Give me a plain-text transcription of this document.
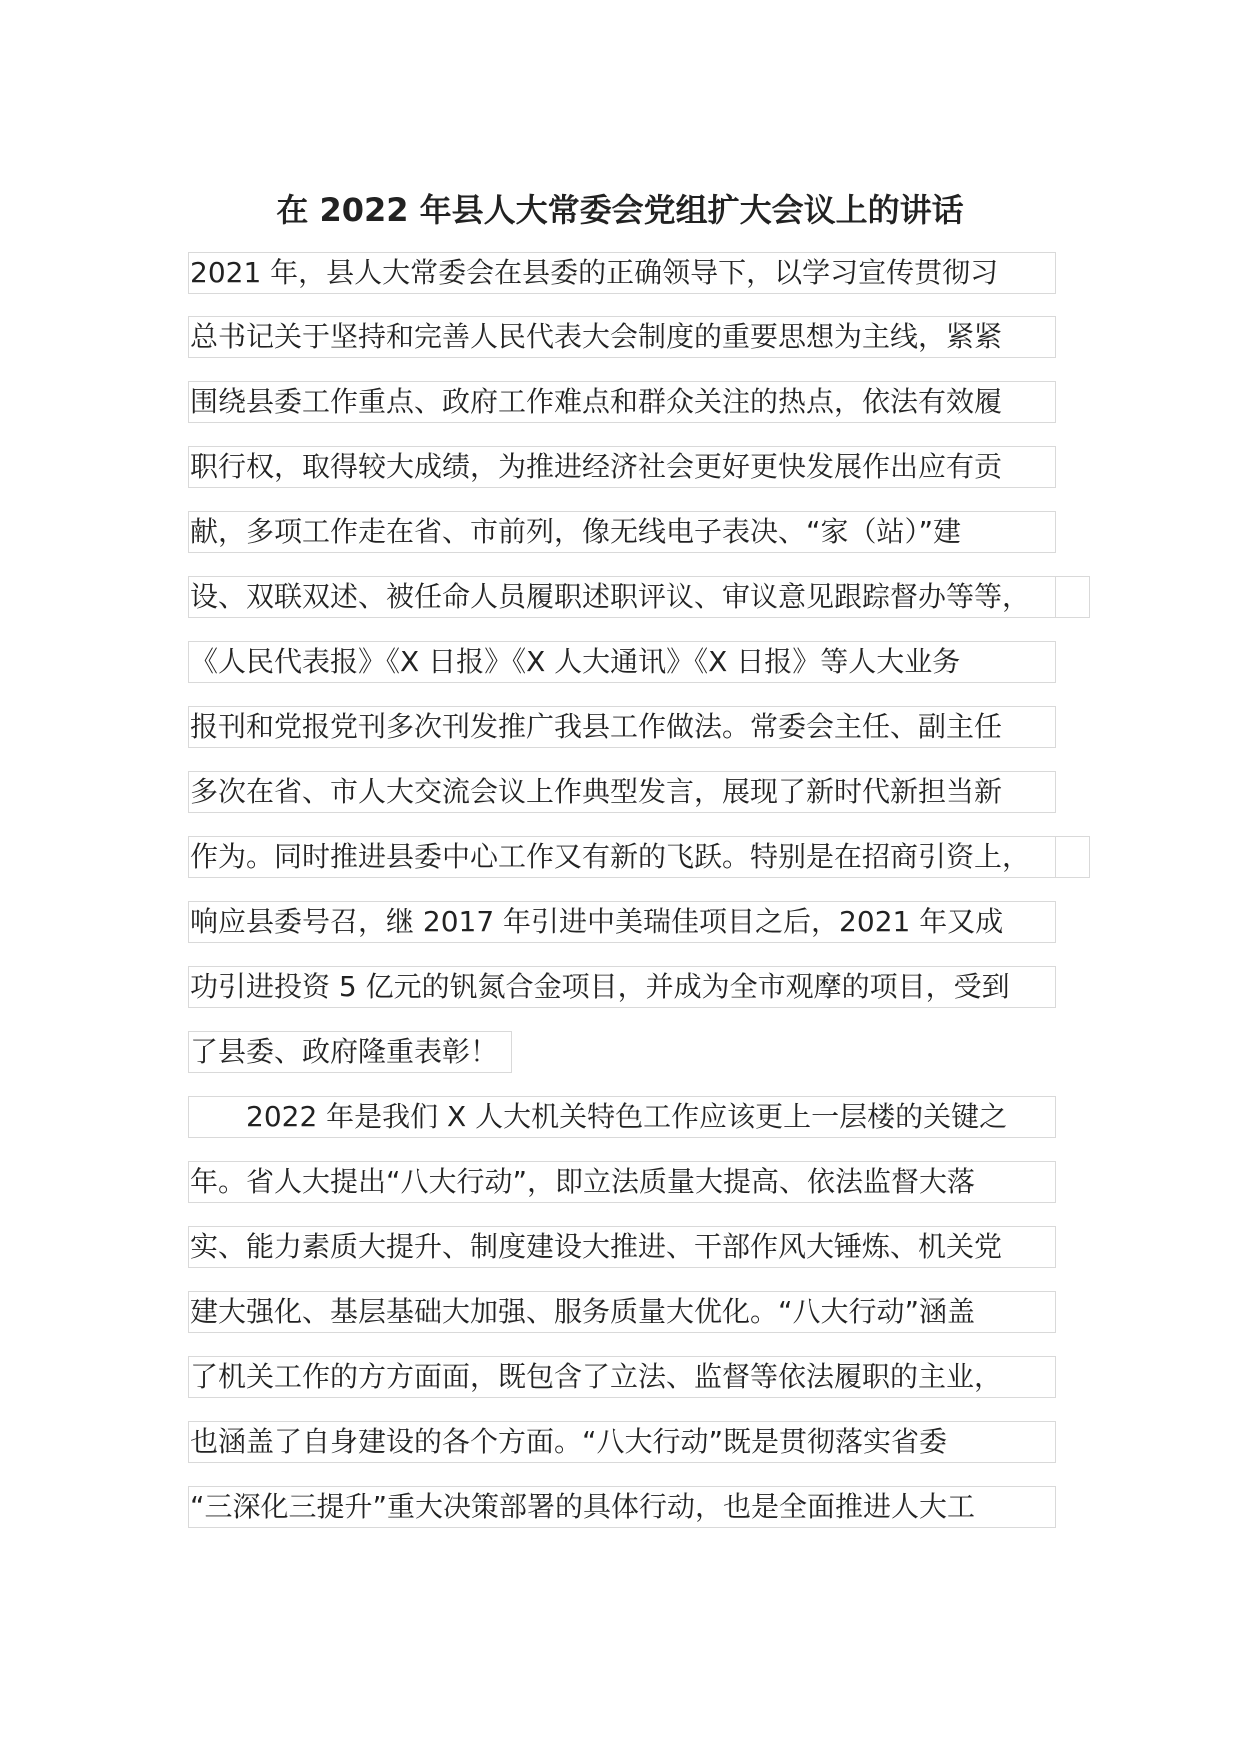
在 2022 年县人大常委会党组扩大会议上的讲话
2021 年，县人大常委会在县委的正确领导下，以学习宣传贯彻习
总书记关于坚持和完善人民代表大会制度的重要思想为主线，紧紧
围绕县委工作重点、政府工作难点和群众关注的热点，依法有效履
职行权，取得较大成绩，为推进经济社会更好更快发展作出应有贡
献，多项工作走在省、市前列，像无线电子表决、“家（站）”建
设、双联双述、被任命人员履职述职评议、审议意见跟踪督办等等，
《人民代表报》《X 日报》《X 人大通讯》《X 日报》等人大业务
报刊和党报党刊多次刊发推广我县工作做法。常委会主任、副主任
多次在省、市人大交流会议上作典型发言，展现了新时代新担当新
作为。同时推进县委中心工作又有新的飞跃。特别是在招商引资上，
响应县委号召，继 2017 年引进中美瑞佳项目之后，2021 年又成
功引进投资 5 亿元的钒氮合金项目，并成为全市观摩的项目，受到
了县委、政府隆重表彰！
　　2022 年是我们 X 人大机关特色工作应该更上一层楼的关键之
年。省人大提出“八大行动”，即立法质量大提高、依法监督大落
实、能力素质大提升、制度建设大推进、干部作风大锤炼、机关党
建大强化、基层基础大加强、服务质量大优化。“八大行动”涵盖
了机关工作的方方面面，既包含了立法、监督等依法履职的主业，
也涵盖了自身建设的各个方面。“八大行动”既是贯彻落实省委
“三深化三提升”重大决策部署的具体行动，也是全面推进人大工
